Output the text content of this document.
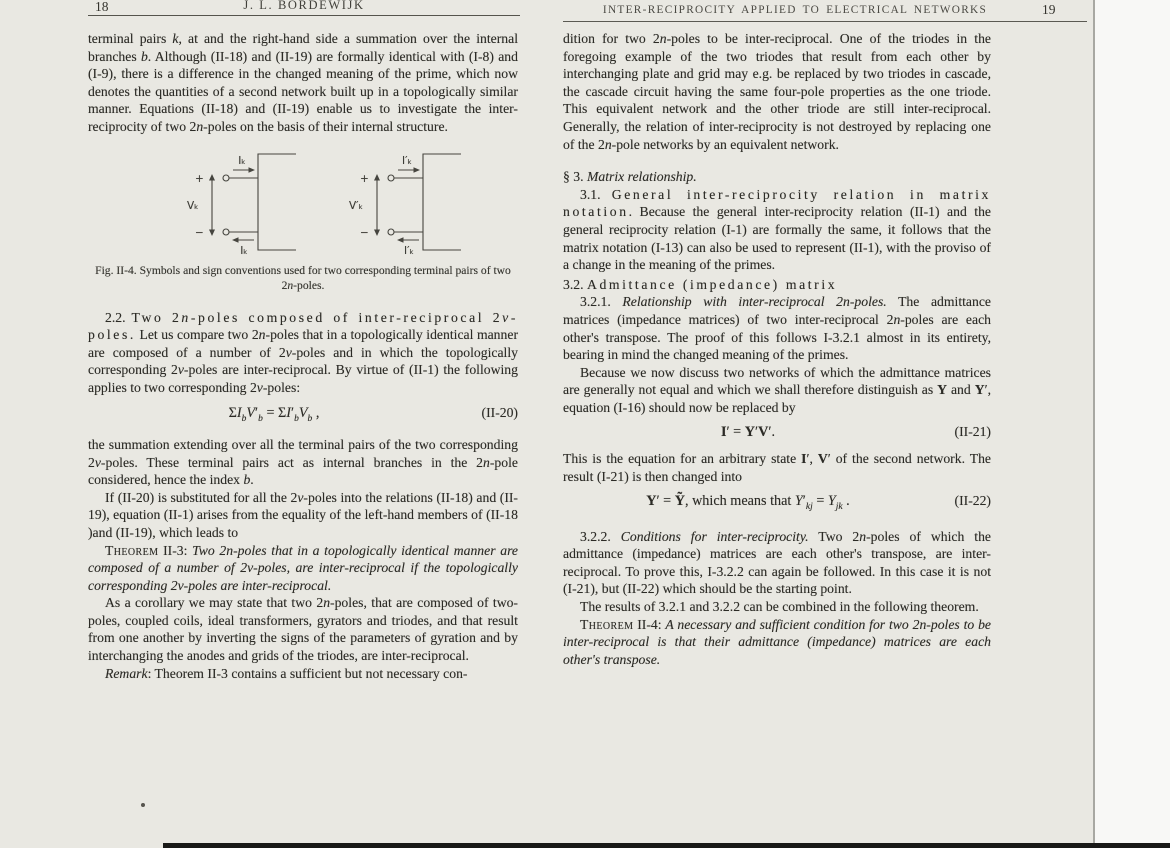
18	J. L. BORDEWIJK	INTER-RECIPROCITY APPLIED TO ELECTRICAL NETWORKS	19

terminal pairs k, at and the right-hand side a summation over the internal branches b. Although (II-18) and (II-19) are formally identical with (I-8) and (I-9), there is a difference in the changed meaning of the prime, which now denotes the quantities of a second network built up in a topologically similar manner. Equations (II-18) and (II-19) enable us to investigate the inter-reciprocity of two 2n-poles on the basis of their internal structure.

+
−
Vₖ
Iₖ
Iₖ
+
−
V′ₖ
I′ₖ
I′ₖ

Fig. II-4. Symbols and sign conventions used for two corresponding terminal pairs of two 2n-poles.

2.2. Two 2n-poles composed of inter-reciprocal 2ν-poles. Let us compare two 2n-poles that in a topologically identical manner are composed of a number of 2ν-poles and in which the topologically corresponding 2ν-poles are inter-reciprocal. By virtue of (II-1) the following applies to two corresponding 2ν-poles:

$\Sigma I_bV'_b = \Sigma I'_bV_b$ ,	(II-20)

the summation extending over all the terminal pairs of the two corresponding 2ν-poles. These terminal pairs act as internal branches in the 2n-pole considered, hence the index b.

If (II-20) is substituted for all the 2ν-poles into the relations (II-18) and (II-19), equation (II-1) arises from the equality of the left-hand members of (II-18 )and (II-19), which leads to

Theorem II-3: Two 2n-poles that in a topologically identical manner are composed of a number of 2ν-poles, are inter-reciprocal if the topologically corresponding 2ν-poles are inter-reciprocal.

As a corollary we may state that two 2n-poles, that are composed of two-poles, coupled coils, ideal transformers, gyrators and triodes, and that result from one another by inverting the signs of the parameters of gyration and by interchanging the anodes and grids of the triodes, are inter-reciprocal.

Remark: Theorem II-3 contains a sufficient but not necessary con-

dition for two 2n-poles to be inter-reciprocal. One of the triodes in the foregoing example of the two triodes that result from each other by interchanging plate and grid may e.g. be replaced by two triodes in cascade, the cascade circuit having the same four-pole properties as the one triode. This equivalent network and the other triode are still inter-reciprocal. Generally, the relation of inter-reciprocity is not destroyed by replacing one of the 2n-pole networks by an equivalent network.

§ 3. Matrix relationship.

3.1. General inter-reciprocity relation in matrix notation. Because the general inter-reciprocity relation (II-1) and the general reciprocity relation (I-1) are formally the same, it follows that the matrix notation (I-13) can also be used to represent (II-1), with the proviso of a change in the meaning of the primes.

3.2. Admittance (impedance) matrix

3.2.1. Relationship with inter-reciprocal 2n-poles. The admittance matrices (impedance matrices) of two inter-reciprocal 2n-poles are each other's transpose. The proof of this follows I-3.2.1 almost in its entirety, bearing in mind the changed meaning of the primes.

Because we now discuss two networks of which the admittance matrices are generally not equal and which we shall therefore distinguish as Y and Y′, equation (I-16) should now be replaced by

I′ = Y′V′.	(II-21)

This is the equation for an arbitrary state I′, V′ of the second network. The result (I-21) is then changed into

Y′ = Ỹ, which means that $Y'_{kj} = Y_{jk}$ .	(II-22)

3.2.2. Conditions for inter-reciprocity. Two 2n-poles of which the admittance (impedance) matrices are each other's transpose, are inter-reciprocal. To prove this, I-3.2.2 can again be followed. In this case it is not (I-21), but (II-22) which should be the starting point.

The results of 3.2.1 and 3.2.2 can be combined in the following theorem.

Theorem II-4: A necessary and sufficient condition for two 2n-poles to be inter-reciprocal is that their admittance (impedance) matrices are each other's transpose.
